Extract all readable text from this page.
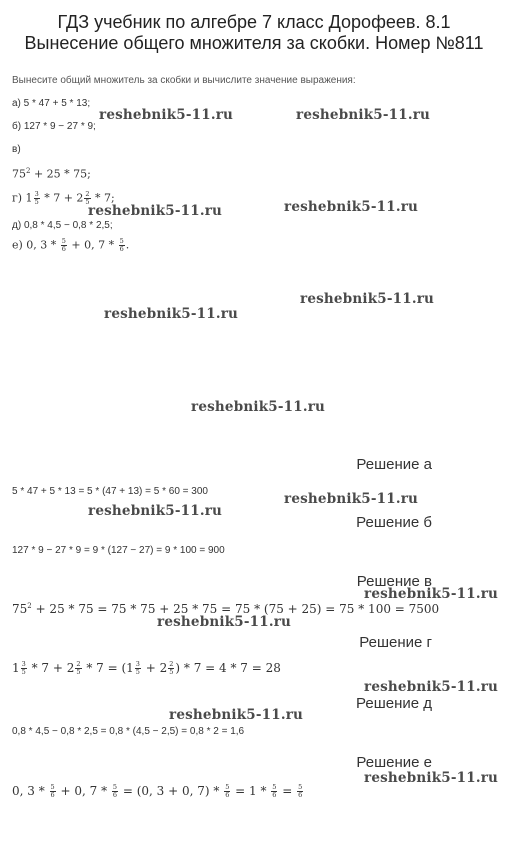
ГДЗ учебник по алгебре 7 класс Дорофеев. 8.1 Вынесение общего множителя за скобки. Номер №811
Вынесите общий множитель за скобки и вычислите значение выражения:
а) 5 * 47 + 5 * 13;
б) 127 * 9 − 27 * 9;
в)
$75^2 + 25 * 75$;
г) $1 \frac{3}{5} * 7 + 2 \frac{2}{5} * 7$;
д) 0,8 * 4,5 − 0,8 * 2,5;
е) 0, $3 * \frac{5}{6} + 0$, $7 * \frac{5}{6}$ .
Решение а
5 * 47 + 5 * 13 = 5 * (47 + 13) = 5 * 60 = 300
Решение б
127 * 9 − 27 * 9 = 9 * (127 − 27) = 9 * 100 = 900
Решение в
$75^2 + 25 * 75 = 75 * 75 + 25 * 75 = 75 * (75 + 25) = 75 * 100 = 7500$
Решение г
$1 \frac{3}{5} * 7 + 2 \frac{2}{5} * 7 = (1 \frac{3}{5} + 2 \frac{2}{5}$ ) * 7 = 4 * 7 = 28
Решение д
0,8 * 4,5 − 0,8 * 2,5 = 0,8 * (4,5 − 2,5) = 0,8 * 2 = 1,6
Решение е
0, $3 * \frac{5}{6} + 0$, $7 * \frac{5}{6} = (0$, 3 + 0, $7) * \frac{5}{6} = 1 * \frac{5}{6} = \frac{5}{6}$
reshebnik5-11.ru	reshebnik5-11.ru
reshebnik5-11.ru	reshebnik5-11.ru
reshebnik5-11.ru
reshebnik5-11.ru
reshebnik5-11.ru
reshebnik5-11.ru
reshebnik5-11.ru
reshebnik5-11.ru
reshebnik5-11.ru
reshebnik5-11.ru
reshebnik5-11.ru
reshebnik5-11.ru
